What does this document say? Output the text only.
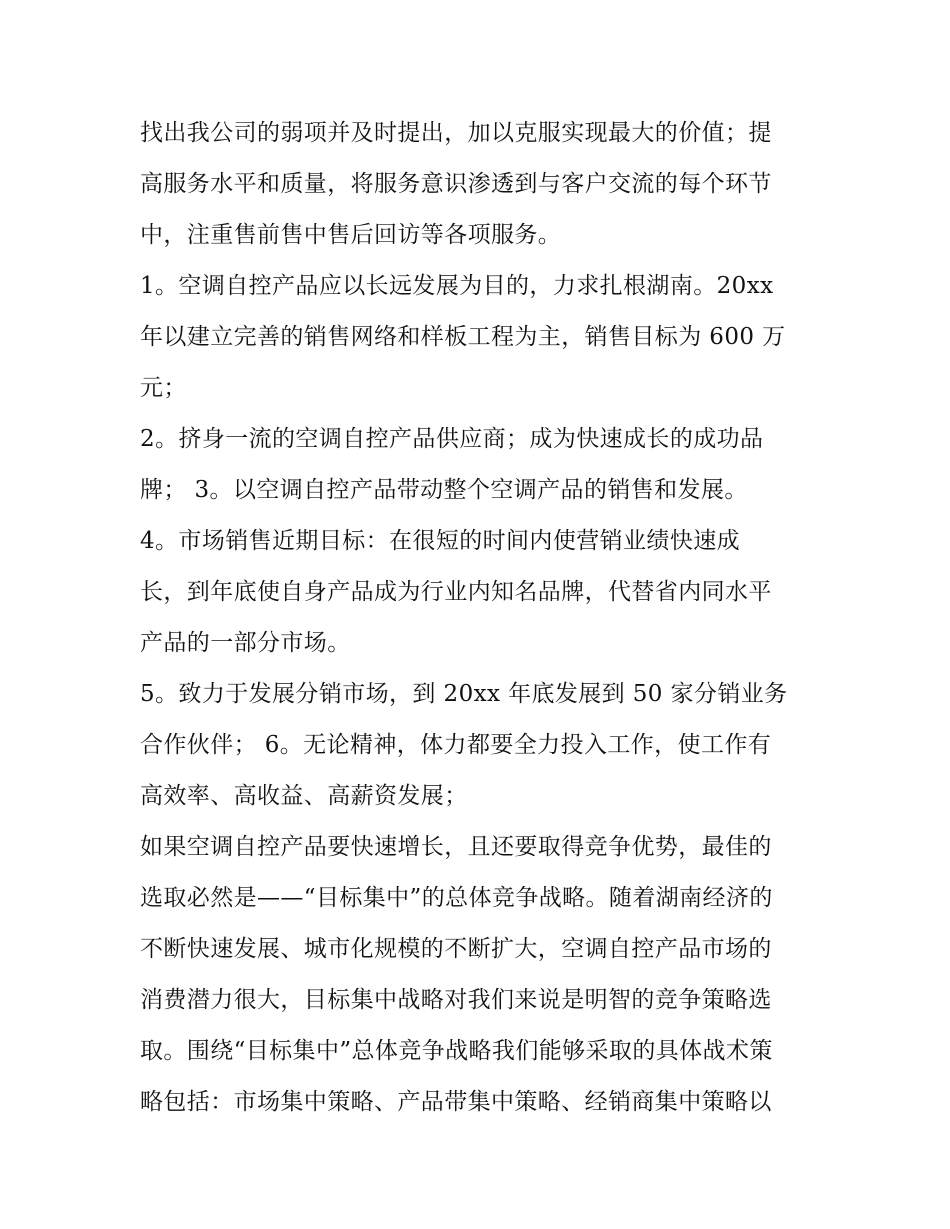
找出我公司的弱项并及时提出，加以克服实现最大的价值；提
高服务水平和质量，将服务意识渗透到与客户交流的每个环节
中，注重售前售中售后回访等各项服务。
1。空调自控产品应以长远发展为目的，力求扎根湖南。20xx
年以建立完善的销售网络和样板工程为主，销售目标为 600 万
元；
2。挤身一流的空调自控产品供应商；成为快速成长的成功品
牌； 3。以空调自控产品带动整个空调产品的销售和发展。
4。市场销售近期目标：在很短的时间内使营销业绩快速成
长，到年底使自身产品成为行业内知名品牌，代替省内同水平
产品的一部分市场。
5。致力于发展分销市场，到 20xx 年底发展到 50 家分销业务
合作伙伴； 6。无论精神，体力都要全力投入工作，使工作有
高效率、高收益、高薪资发展；
如果空调自控产品要快速增长，且还要取得竞争优势，最佳的
选取必然是——“目标集中”的总体竞争战略。随着湖南经济的
不断快速发展、城市化规模的不断扩大，空调自控产品市场的
消费潜力很大，目标集中战略对我们来说是明智的竞争策略选
取。围绕“目标集中”总体竞争战略我们能够采取的具体战术策
略包括：市场集中策略、产品带集中策略、经销商集中策略以
